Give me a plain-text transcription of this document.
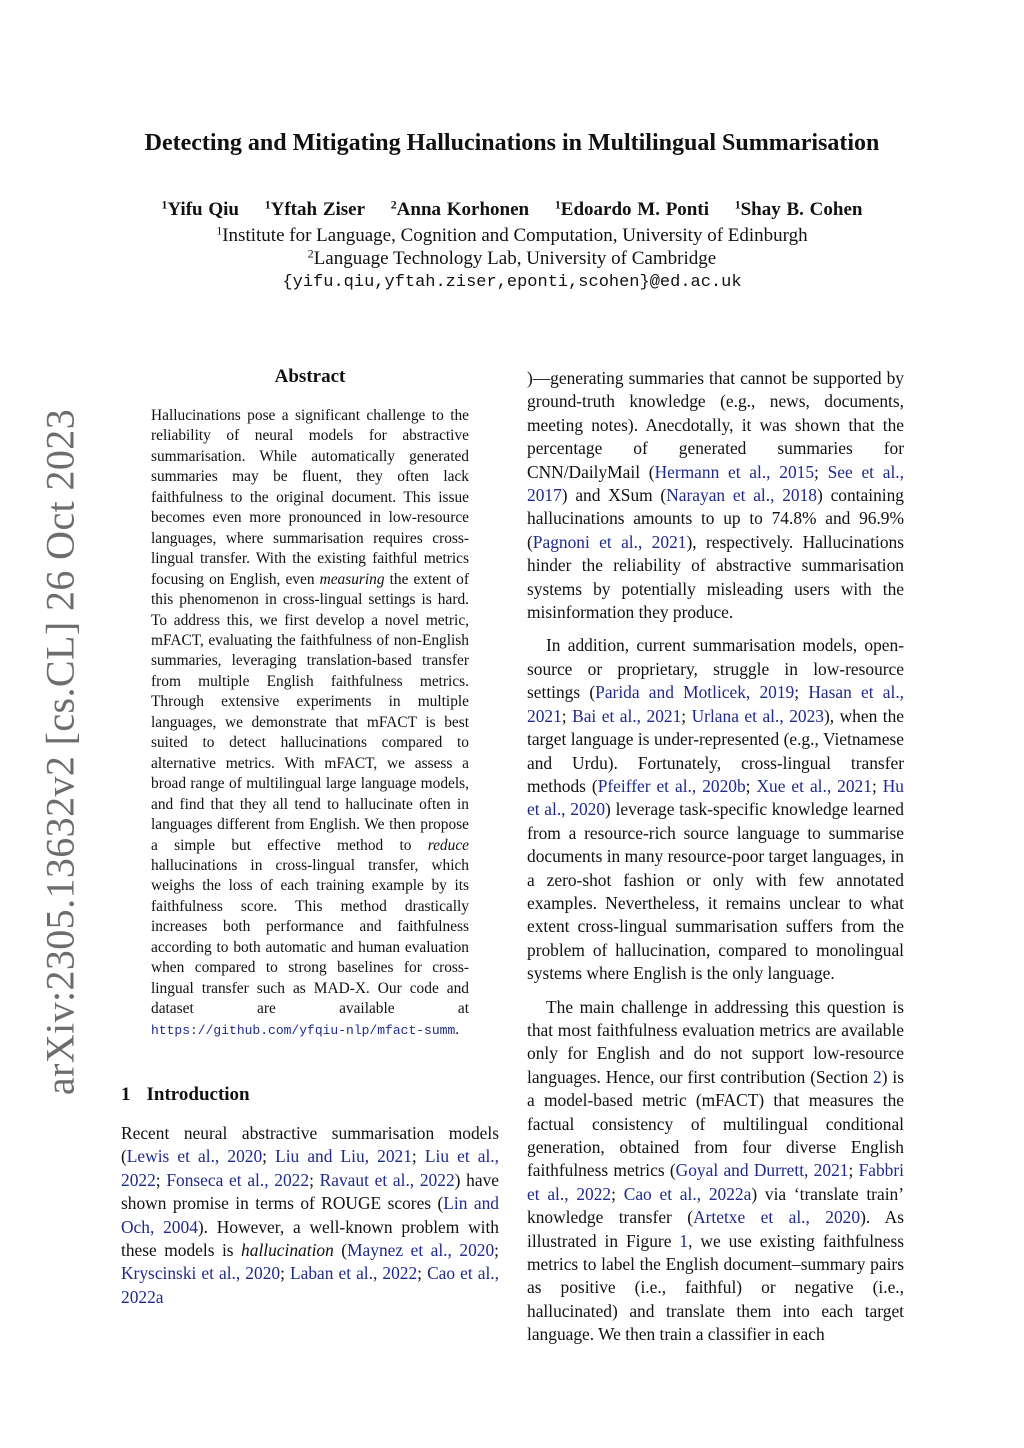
arXiv:2305.13632v2 [cs.CL] 26 Oct 2023
Detecting and Mitigating Hallucinations in Multilingual Summarisation
$^1$Yifu Qiu $^1$Yftah Ziser $^2$Anna Korhonen $^1$Edoardo M. Ponti $^1$Shay B. Cohen
$^1$Institute for Language, Cognition and Computation, University of Edinburgh
$^2$Language Technology Lab, University of Cambridge
{yifu.qiu,yftah.ziser,eponti,scohen}@ed.ac.uk
Abstract
Hallucinations pose a significant challenge to the reliability of neural models for abstractive summarisation. While automatically generated summaries may be fluent, they often lack faithfulness to the original document. This issue becomes even more pronounced in low-resource languages, where summarisation requires cross-lingual transfer. With the existing faithful metrics focusing on English, even measuring the extent of this phenomenon in cross-lingual settings is hard. To address this, we first develop a novel metric, mFACT, evaluating the faithfulness of non-English summaries, leveraging translation-based transfer from multiple English faithfulness metrics. Through extensive experiments in multiple languages, we demonstrate that mFACT is best suited to detect hallucinations compared to alternative metrics. With mFACT, we assess a broad range of multilingual large language models, and find that they all tend to hallucinate often in languages different from English. We then propose a simple but effective method to reduce hallucinations in cross-lingual transfer, which weighs the loss of each training example by its faithfulness score. This method drastically increases both performance and faithfulness according to both automatic and human evaluation when compared to strong baselines for cross-lingual transfer such as MAD-X. Our code and dataset are available at https://github.com/yfqiu-nlp/mfact-summ.
1 Introduction

Recent neural abstractive summarisation models (Lewis et al., 2020; Liu and Liu, 2021; Liu et al., 2022; Fonseca et al., 2022; Ravaut et al., 2022) have shown promise in terms of ROUGE scores (Lin and Och, 2004). However, a well-known problem with these models is hallucination (Maynez et al., 2020; Kryscinski et al., 2020; Laban et al., 2022; Cao et al., 2022a

)—generating summaries that cannot be supported by ground-truth knowledge (e.g., news, documents, meeting notes). Anecdotally, it was shown that the percentage of generated summaries for CNN/DailyMail (Hermann et al., 2015; See et al., 2017) and XSum (Narayan et al., 2018) containing hallucinations amounts to up to 74.8% and 96.9% (Pagnoni et al., 2021), respectively. Hallucinations hinder the reliability of abstractive summarisation systems by potentially misleading users with the misinformation they produce.

In addition, current summarisation models, open-source or proprietary, struggle in low-resource settings (Parida and Motlicek, 2019; Hasan et al., 2021; Bai et al., 2021; Urlana et al., 2023), when the target language is under-represented (e.g., Vietnamese and Urdu). Fortunately, cross-lingual transfer methods (Pfeiffer et al., 2020b; Xue et al., 2021; Hu et al., 2020) leverage task-specific knowledge learned from a resource-rich source language to summarise documents in many resource-poor target languages, in a zero-shot fashion or only with few annotated examples. Nevertheless, it remains unclear to what extent cross-lingual summarisation suffers from the problem of hallucination, compared to monolingual systems where English is the only language.

The main challenge in addressing this question is that most faithfulness evaluation metrics are available only for English and do not support low-resource languages. Hence, our first contribution (Section 2) is a model-based metric (mFACT) that measures the factual consistency of multilingual conditional generation, obtained from four diverse English faithfulness metrics (Goyal and Durrett, 2021; Fabbri et al., 2022; Cao et al., 2022a) via ‘translate train’ knowledge transfer (Artetxe et al., 2020). As illustrated in Figure 1, we use existing faithfulness metrics to label the English document–summary pairs as positive (i.e., faithful) or negative (i.e., hallucinated) and translate them into each target language. We then train a classifier in each
